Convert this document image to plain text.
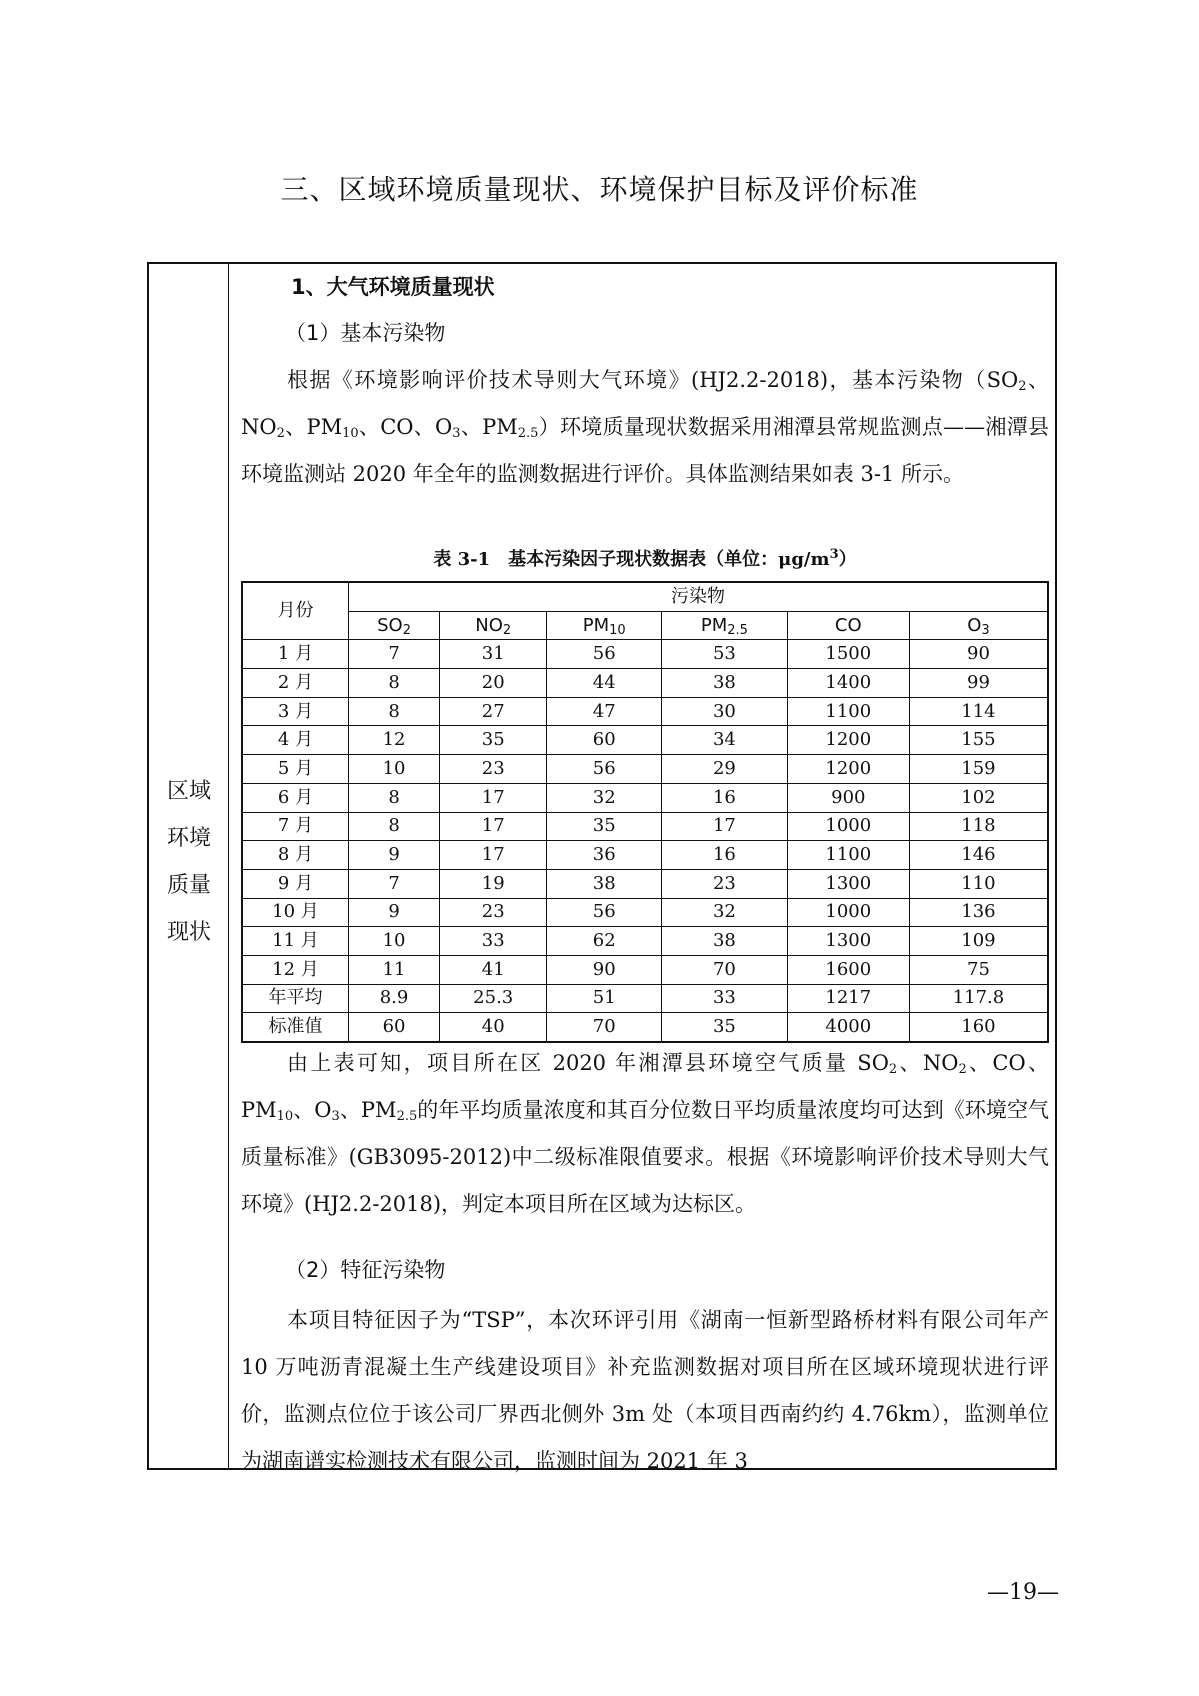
三、区域环境质量现状、环境保护目标及评价标准
区域
环境
质量
现状
1、大气环境质量现状
（1）基本污染物
根据《环境影响评价技术导则大气环境》(HJ2.2-2018)，基本污染物（$SO_2$、$NO_2$、$PM_{10}$、CO、$O_3$、$PM_{2.5}$）环境质量现状数据采用湘潭县常规监测点——湘潭县环境监测站 2020 年全年的监测数据进行评价。具体监测结果如表 3-1 所示。
表 3-1　基本污染因子现状数据表（单位：$\mu g/m^3$）
月份	污染物					
	$SO_2$	$NO_2$	$PM_{10}$	$PM_{2.5}$	CO	$O_3$
1 月	7	31	56	53	1500	90
2 月	8	20	44	38	1400	99
3 月	8	27	47	30	1100	114
4 月	12	35	60	34	1200	155
5 月	10	23	56	29	1200	159
6 月	8	17	32	16	900	102
7 月	8	17	35	17	1000	118
8 月	9	17	36	16	1100	146
9 月	7	19	38	23	1300	110
10 月	9	23	56	32	1000	136
11 月	10	33	62	38	1300	109
12 月	11	41	90	70	1600	75
年平均	8.9	25.3	51	33	1217	117.8
标准值	60	40	70	35	4000	160
由上表可知，项目所在区 2020 年湘潭县环境空气质量 $SO_2$、$NO_2$、CO、$PM_{10}$、$O_3$、$PM_{2.5}$的年平均质量浓度和其百分位数日平均质量浓度均可达到《环境空气质量标准》(GB3095-2012)中二级标准限值要求。根据《环境影响评价技术导则大气环境》(HJ2.2-2018)，判定本项目所在区域为达标区。
（2）特征污染物
本项目特征因子为“TSP”，本次环评引用《湖南一恒新型路桥材料有限公司年产 10 万吨沥青混凝土生产线建设项目》补充监测数据对项目所在区域环境现状进行评价，监测点位位于该公司厂界西北侧外 3m 处（本项目西南约约 4.76km），监测单位为湖南谱实检测技术有限公司，监测时间为 2021 年 3
—19—
